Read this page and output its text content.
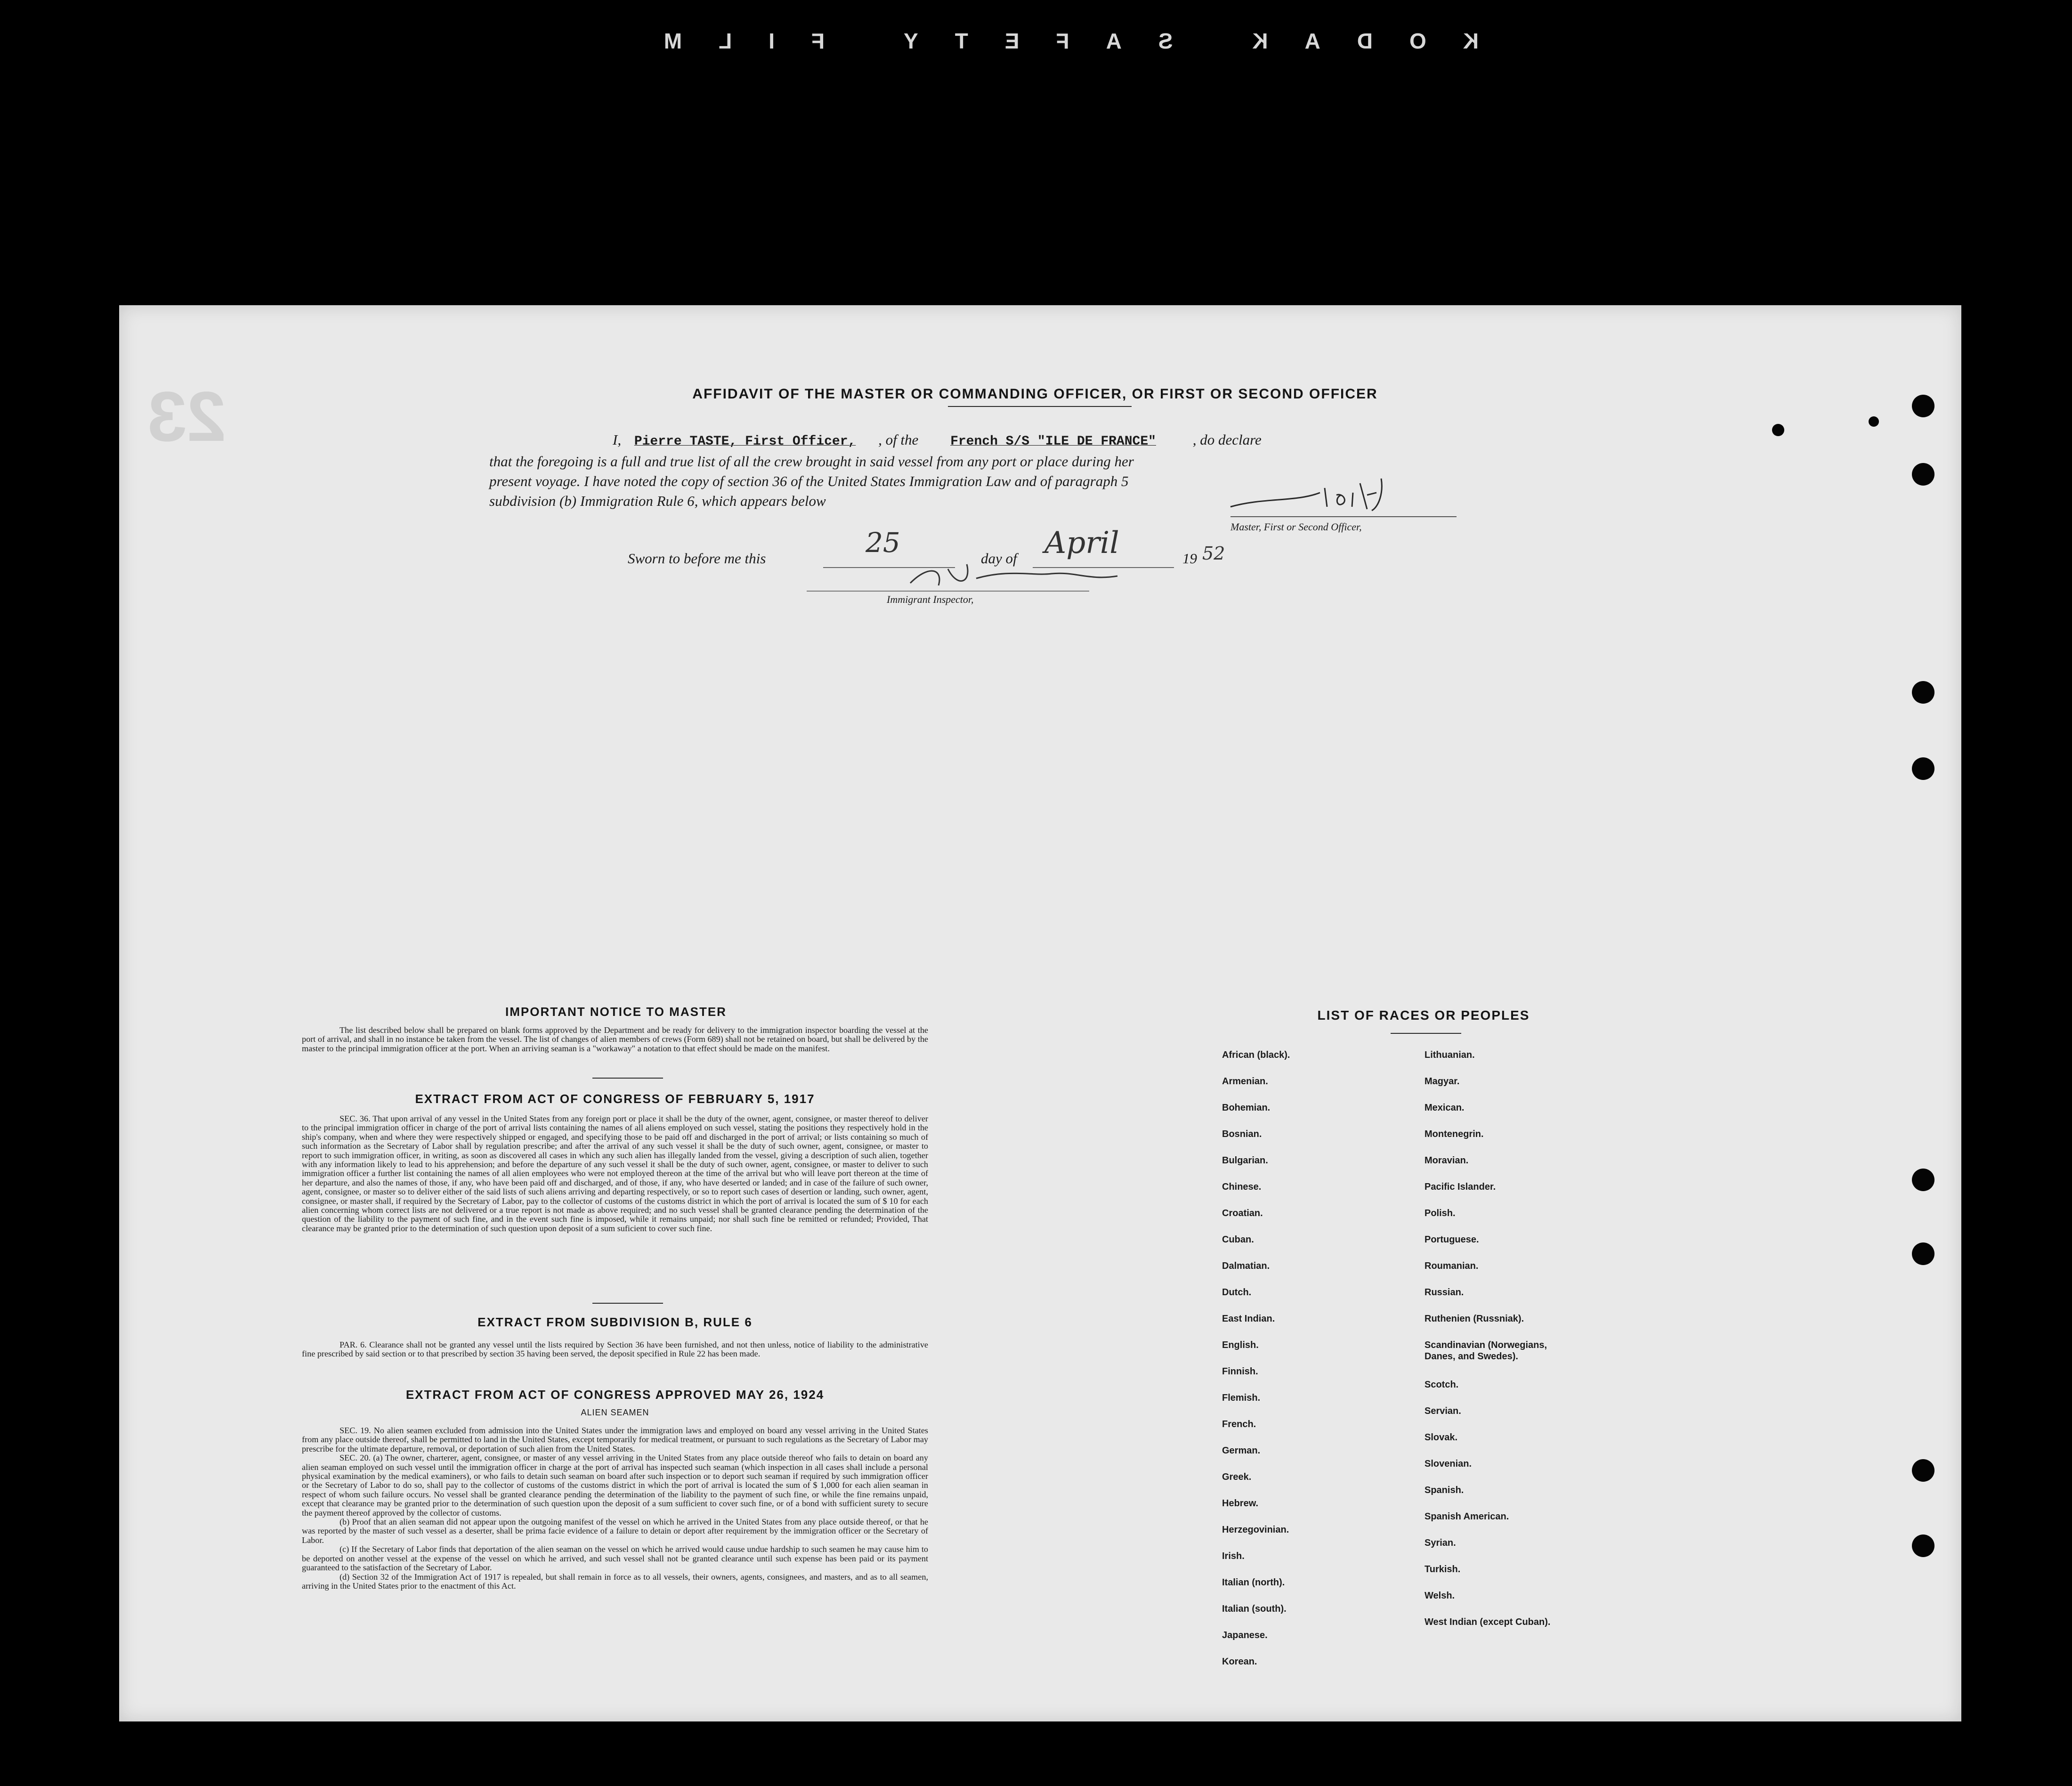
KODAK SAFETY FILM
23	AFFIDAVIT OF THE MASTER OR COMMANDING OFFICER, OR FIRST OR SECOND OFFICER
I, Pierre TASTE, First Officer, , of the French S/S "ILE DE FRANCE"	, do declare
that the foregoing is a full and true list of all the crew brought in said vessel from any port or place during her
present voyage. I have noted the copy of section 36 of the United States Immigration Law and of paragraph 5
subdivision (b) Immigration Rule 6, which appears below
Master, First or Second Officer,
Sworn to before me this	25	day of April	19 52
Immigrant Inspector,
IMPORTANT NOTICE TO MASTER

The list described below shall be prepared on blank forms approved by the Department and be ready for delivery to the immigration inspector boarding the vessel at the port of arrival, and shall in no instance be taken from the vessel. The list of changes of alien members of crews (Form 689) shall not be retained on board, but shall be delivered by the master to the principal immigration officer at the port. When an arriving seaman is a "workaway" a notation to that effect should be made on the manifest.

EXTRACT FROM ACT OF CONGRESS OF FEBRUARY 5, 1917

SEC. 36. That upon arrival of any vessel in the United States from any foreign port or place it shall be the duty of the owner, agent, consignee, or master thereof to deliver to the principal immigration officer in charge of the port of arrival lists containing the names of all aliens employed on such vessel, stating the positions they respectively hold in the ship's company, when and where they were respectively shipped or engaged, and specifying those to be paid off and discharged in the port of arrival; or lists containing so much of such information as the Secretary of Labor shall by regulation prescribe; and after the arrival of any such vessel it shall be the duty of such owner, agent, consignee, or master to report to such immigration officer, in writing, as soon as discovered all cases in which any such alien has illegally landed from the vessel, giving a description of such alien, together with any information likely to lead to his apprehension; and before the departure of any such vessel it shall be the duty of such owner, agent, consignee, or master to deliver to such immigration officer a further list containing the names of all alien employees who were not employed thereon at the time of the arrival but who will leave port thereon at the time of her departure, and also the names of those, if any, who have been paid off and discharged, and of those, if any, who have deserted or landed; and in case of the failure of such owner, agent, consignee, or master so to deliver either of the said lists of such aliens arriving and departing respectively, or so to report such cases of desertion or landing, such owner, agent, consignee, or master shall, if required by the Secretary of Labor, pay to the collector of customs of the customs district in which the port of arrival is located the sum of $ 10 for each alien concerning whom correct lists are not delivered or a true report is not made as above required; and no such vessel shall be granted clearance pending the determination of the question of the liability to the payment of such fine, and in the event such fine is imposed, while it remains unpaid; nor shall such fine be remitted or refunded; Provided, That clearance may be granted prior to the determination of such question upon deposit of a sum suficient to cover such fine.

EXTRACT FROM SUBDIVISION B, RULE 6

PAR. 6. Clearance shall not be granted any vessel until the lists required by Section 36 have been furnished, and not then unless, notice of liability to the administrative fine prescribed by said section or to that prescribed by section 35 having been served, the deposit specified in Rule 22 has been made.

EXTRACT FROM ACT OF CONGRESS APPROVED MAY 26, 1924
ALIEN SEAMEN

SEC. 19. No alien seamen excluded from admission into the United States under the immigration laws and employed on board any vessel arriving in the United States from any place outside thereof, shall be permitted to land in the United States, except temporarily for medical treatment, or pursuant to such regulations as the Secretary of Labor may prescribe for the ultimate departure, removal, or deportation of such alien from the United States.

SEC. 20. (a) The owner, charterer, agent, consignee, or master of any vessel arriving in the United States from any place outside thereof who fails to detain on board any alien seaman employed on such vessel until the immigration officer in charge at the port of arrival has inspected such seaman (which inspection in all cases shall include a personal physical examination by the medical examiners), or who fails to detain such seaman on board after such inspection or to deport such seaman if required by such immigration officer or the Secretary of Labor to do so, shall pay to the collector of customs of the customs district in which the port of arrival is located the sum of $ 1,000 for each alien seaman in respect of whom such failure occurs. No vessel shall be granted clearance pending the determination of the liability to the payment of such fine, or while the fine remains unpaid, except that clearance may be granted prior to the determination of such question upon the deposit of a sum sufficient to cover such fine, or of a bond with sufficient surety to secure the payment thereof approved by the collector of customs.

(b) Proof that an alien seaman did not appear upon the outgoing manifest of the vessel on which he arrived in the United States from any place outside thereof, or that he was reported by the master of such vessel as a deserter, shall be prima facie evidence of a failure to detain or deport after requirement by the immigration officer or the Secretary of Labor.

(c) If the Secretary of Labor finds that deportation of the alien seaman on the vessel on which he arrived would cause undue hardship to such seamen he may cause him to be deported on another vessel at the expense of the vessel on which he arrived, and such vessel shall not be granted clearance until such expense has been paid or its payment guaranteed to the satisfaction of the Secretary of Labor.

(d) Section 32 of the Immigration Act of 1917 is repealed, but shall remain in force as to all vessels, their owners, agents, consignees, and masters, and as to all seamen, arriving in the United States prior to the enactment of this Act.

LIST OF RACES OR PEOPLES
African (black).
Armenian.
Bohemian.
Bosnian.
Bulgarian.
Chinese.
Croatian.
Cuban.
Dalmatian.
Dutch.
East Indian.
English.
Finnish.
Flemish.
French.
German.
Greek.
Hebrew.
Herzegovinian.
Irish.
Italian (north).
Italian (south).
Japanese.
Korean.
Lithuanian.
Magyar.
Mexican.
Montenegrin.
Moravian.
Pacific Islander.
Polish.
Portuguese.
Roumanian.
Russian.
Ruthenien (Russniak).
Scandinavian (Norwegians, Danes, and Swedes).
Scotch.
Servian.
Slovak.
Slovenian.
Spanish.
Spanish American.
Syrian.
Turkish.
Welsh.
West Indian (except Cuban).
